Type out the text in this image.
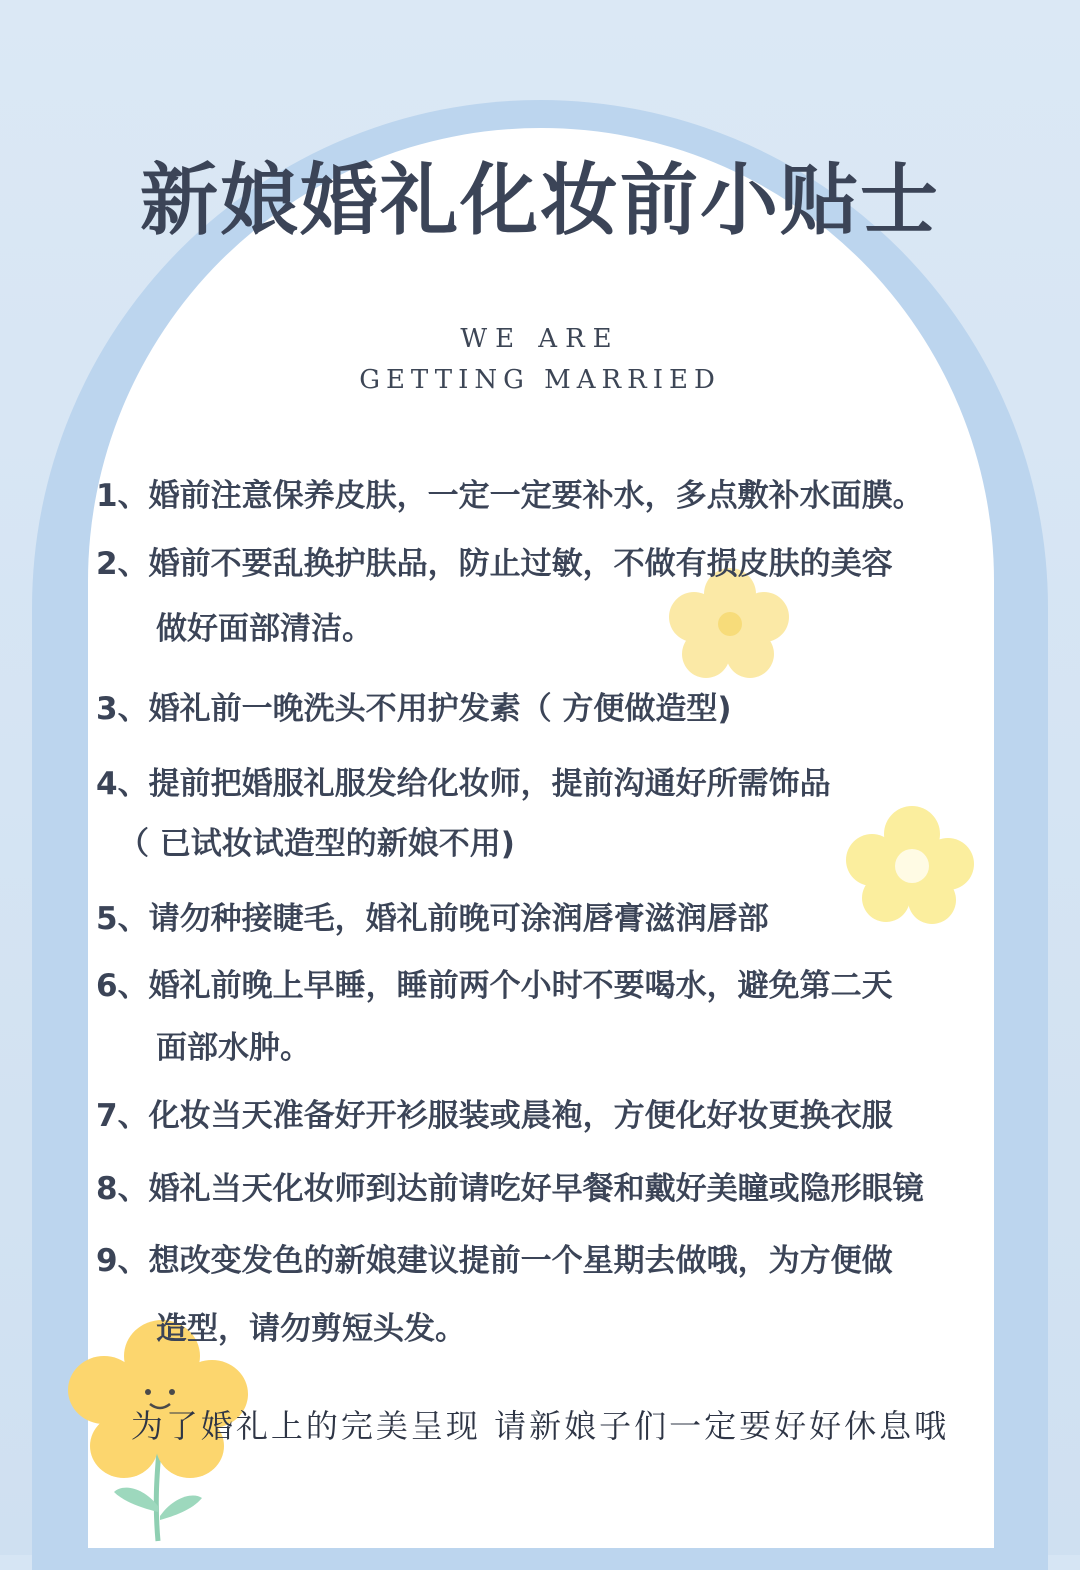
新娘婚礼化妆前小贴士
WE ARE
GETTING MARRIED
1、婚前注意保养皮肤，一定一定要补水，多点敷补水面膜。
2、婚前不要乱换护肤品，防止过敏，不做有损皮肤的美容
做好面部清洁。
3、婚礼前一晚洗头不用护发素（ 方便做造型)
4、提前把婚服礼服发给化妆师，提前沟通好所需饰品
（ 已试妆试造型的新娘不用)
5、请勿种接睫毛，婚礼前晚可涂润唇膏滋润唇部
6、婚礼前晚上早睡，睡前两个小时不要喝水，避免第二天
面部水肿。
7、化妆当天准备好开衫服装或晨袍，方便化好妆更换衣服
8、婚礼当天化妆师到达前请吃好早餐和戴好美瞳或隐形眼镜
9、想改变发色的新娘建议提前一个星期去做哦，为方便做
造型，请勿剪短头发。
为了婚礼上的完美呈现 请新娘子们一定要好好休息哦
